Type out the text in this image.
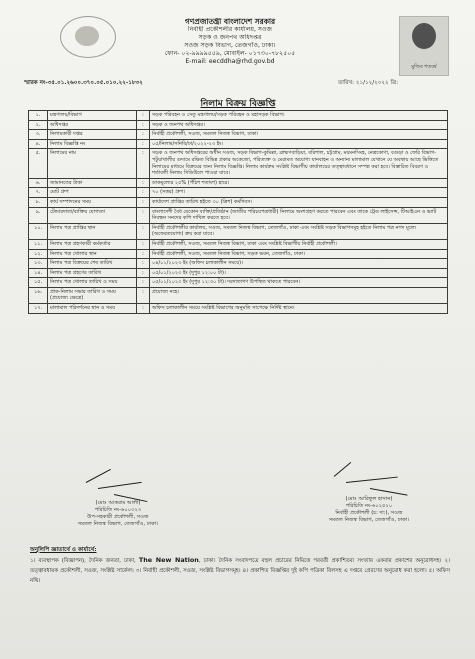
মুজিব শতবর্ষ
গণপ্রজাতন্ত্রী বাংলাদেশ সরকার
নির্বাহী প্রকৌশলীর কার্যালয়, সওজ
সড়ক ও জনপথ অধিদপ্তর
সওজ সড়ক বিভাগ, তেজগাঁও, ঢাকা।
ফোন- ০২-৯৯৯৯৫৫৯, মোবাইল- ০১৭৩০-৭৮২৫০৫
E-mail: eecddha@rhd.gov.bd
স্মারক নং-৩৫.০১.২৬০০.৩৭০.০৫.০১০.২২-১৮৩২	তারিখ: ২১/১২/২০২২ খ্রি:
নিলাম বিক্রয় বিজ্ঞপ্তি
১.	মন্ত্রণালয়/বিভাগ	:	সড়ক পরিবহন ও সেতু মন্ত্রণালয়/সড়ক পরিবহন ও মহাসড়ক বিভাগ।
২.	অধিদপ্তর	:	সড়ক ও জনপথ অধিদপ্তর।
৩.	নিলামকারী দপ্তর	:	নির্বাহী প্রকৌশলী, সওজ, সমতল নিজস্ব বিভাগ, ঢাকা।
৪.	নিলাম বিজ্ঞপ্তি নং	:	০৫/নিলাম/সনিবি/ঢা/২০২২-২৩ ইং।
৫.	নিলামের নাম	:	সড়ক ও জনপথ অধিদপ্তরের অধীন সওজ, সড়ক বিভাগ-কুমিল্লা, ব্রাহ্মণবাড়িয়া, বরিশাল, চট্টগ্রাম, ময়মনসিংহ, নেত্রকোণা, বগুড়া ও ফেরি বিভাগ-পটুয়াখালীর গুদামে রক্ষিত বিভিন্ন প্রকার অকেজো, পরিত্যক্ত ও মেরামত অযোগ্য যানবাহন ও অন্যান্য মালামাল যেখানে যে অবস্থায় আছে ভিত্তিতে নিলামের মাধ্যমে বিক্রয়ের জন্য নিলাম বিজ্ঞপ্তি। নিলাম কার্যক্রম সংশ্লিষ্ট বিভাগীয় কার্যালয়ের তত্ত্বাবধানে সম্পন্ন করা হবে। বিস্তারিত বিবরণ ও শর্তাবলী নিলাম সিডিউলে পাওয়া যাবে।
৬.	জামানতের টাকা	:	ডাকমূল্যের ২৫% (পঁচিশ শতাংশ) হারে।
৭.	মোট গ্রুপ	:	৭০ (সত্তর) গ্রুপ।
৮.	কার্য সম্পাদনের সময়	:	কার্যাদেশ প্রাপ্তির তারিখ হইতে ৩০ (ত্রিশ) কর্মদিবস।
৯.	টেন্ডারদাতা/ব্যক্তির যোগ্যতা	:	বাংলাদেশী বৈধ যেকোন ব্যক্তি/প্রতিষ্ঠান (জাতীয় পরিচয়পত্রধারী) নিলামে অংশগ্রহণ করতে পারবেন এবং তাকে ট্রেড লাইসেন্স, টিআইএন ও ভ্যাট নিবন্ধন সনদের কপি দাখিল করতে হবে।
১০.	নিলাম পত্র প্রাপ্তির স্থান	:	নির্বাহী প্রকৌশলীর কার্যালয়, সওজ, সমতল নিজস্ব বিভাগ, তেজগাঁও, ঢাকা এবং সংশ্লিষ্ট সড়ক বিভাগসমূহ হইতে নিলাম পত্র নগদ মূল্যে (অফেরতযোগ্য) ক্রয় করা যাবে।
১১.	নিলাম পত্র গ্রহণকারী কর্মকর্তার	:	নির্বাহী প্রকৌশলী, সওজ, সমতল নিজস্ব বিভাগ, ঢাকা এবং সংশ্লিষ্ট বিভাগীয় নির্বাহী প্রকৌশলী।
১২.	নিলাম পত্র খোলার স্থান	:	নির্বাহী প্রকৌশলী, সওজ, সমতল নিজস্ব বিভাগ, সড়ক ভবন, তেজগাঁও, ঢাকা।
১৩.	নিলাম পত্র বিক্রয়ের শেষ তারিখ	:	০৪/০১/২০২৩ ইং (অফিস চলাকালীন সময়ে)।
১৪.	নিলাম পত্র গ্রহণের তারিখ	:	০৫/০১/২০২৩ ইং (দুপুর ১২:০০ টা)।
১৫.	নিলাম পত্র খোলার তারিখ ও সময়	:	০৫/০১/২০২৩ ইং (দুপুর ১২:৩০ টা)। দরদাতাগণ উপস্থিত থাকতে পারবেন।
১৬.	প্রাক-নিলাম সভার তারিখ ও সময় (প্রযোজ্য ক্ষেত্রে)	:	প্রযোজ্য নহে।
১৭.	মালামাল পরিদর্শনের স্থান ও সময়	:	অফিস চলাকালীন সময়ে সংশ্লিষ্ট বিভাগের অনুমতি সাপেক্ষে নির্দিষ্ট স্থানে।
(মোঃ আকরাম আলী)
পরিচিতি নং-৬০০৩২৩
উপ-সহকারী প্রকৌশলী, সওজ
সমতল নিজস্ব বিভাগ, তেজগাঁও, ঢাকা।
(মোঃ আরিফুল হাসান)
পরিচিতি নং-৬০২৫২০
নির্বাহী প্রকৌশলী (চ: দা:), সওজ
সমতল নিজস্ব বিভাগ, তেজগাঁও, ঢাকা।
অনুলিপি জ্ঞাতার্থে ও কার্যার্থে:
১। ব্যবস্থাপক (বিজ্ঞাপন), দৈনিক জনতা, ঢাকা, The New Nation, ঢাকা। দৈনিক সংবাদপত্রে বহুল প্রচারের নিমিত্তে পরবর্তী প্রকাশিতব্য সংখ্যায় একবার প্রকাশের অনুরোধসহ। ২। তত্ত্বাবধায়ক প্রকৌশলী, সওজ, সংশ্লিষ্ট সার্কেল। ৩। নির্বাহী প্রকৌশলী, সওজ, সংশ্লিষ্ট বিভাগসমূহ। ৪। প্রকাশিত বিজ্ঞপ্তির দুই কপি পত্রিকা বিলসহ এ দপ্তরে প্রেরণের অনুরোধ করা হলো। ৫। অফিস নথি।
